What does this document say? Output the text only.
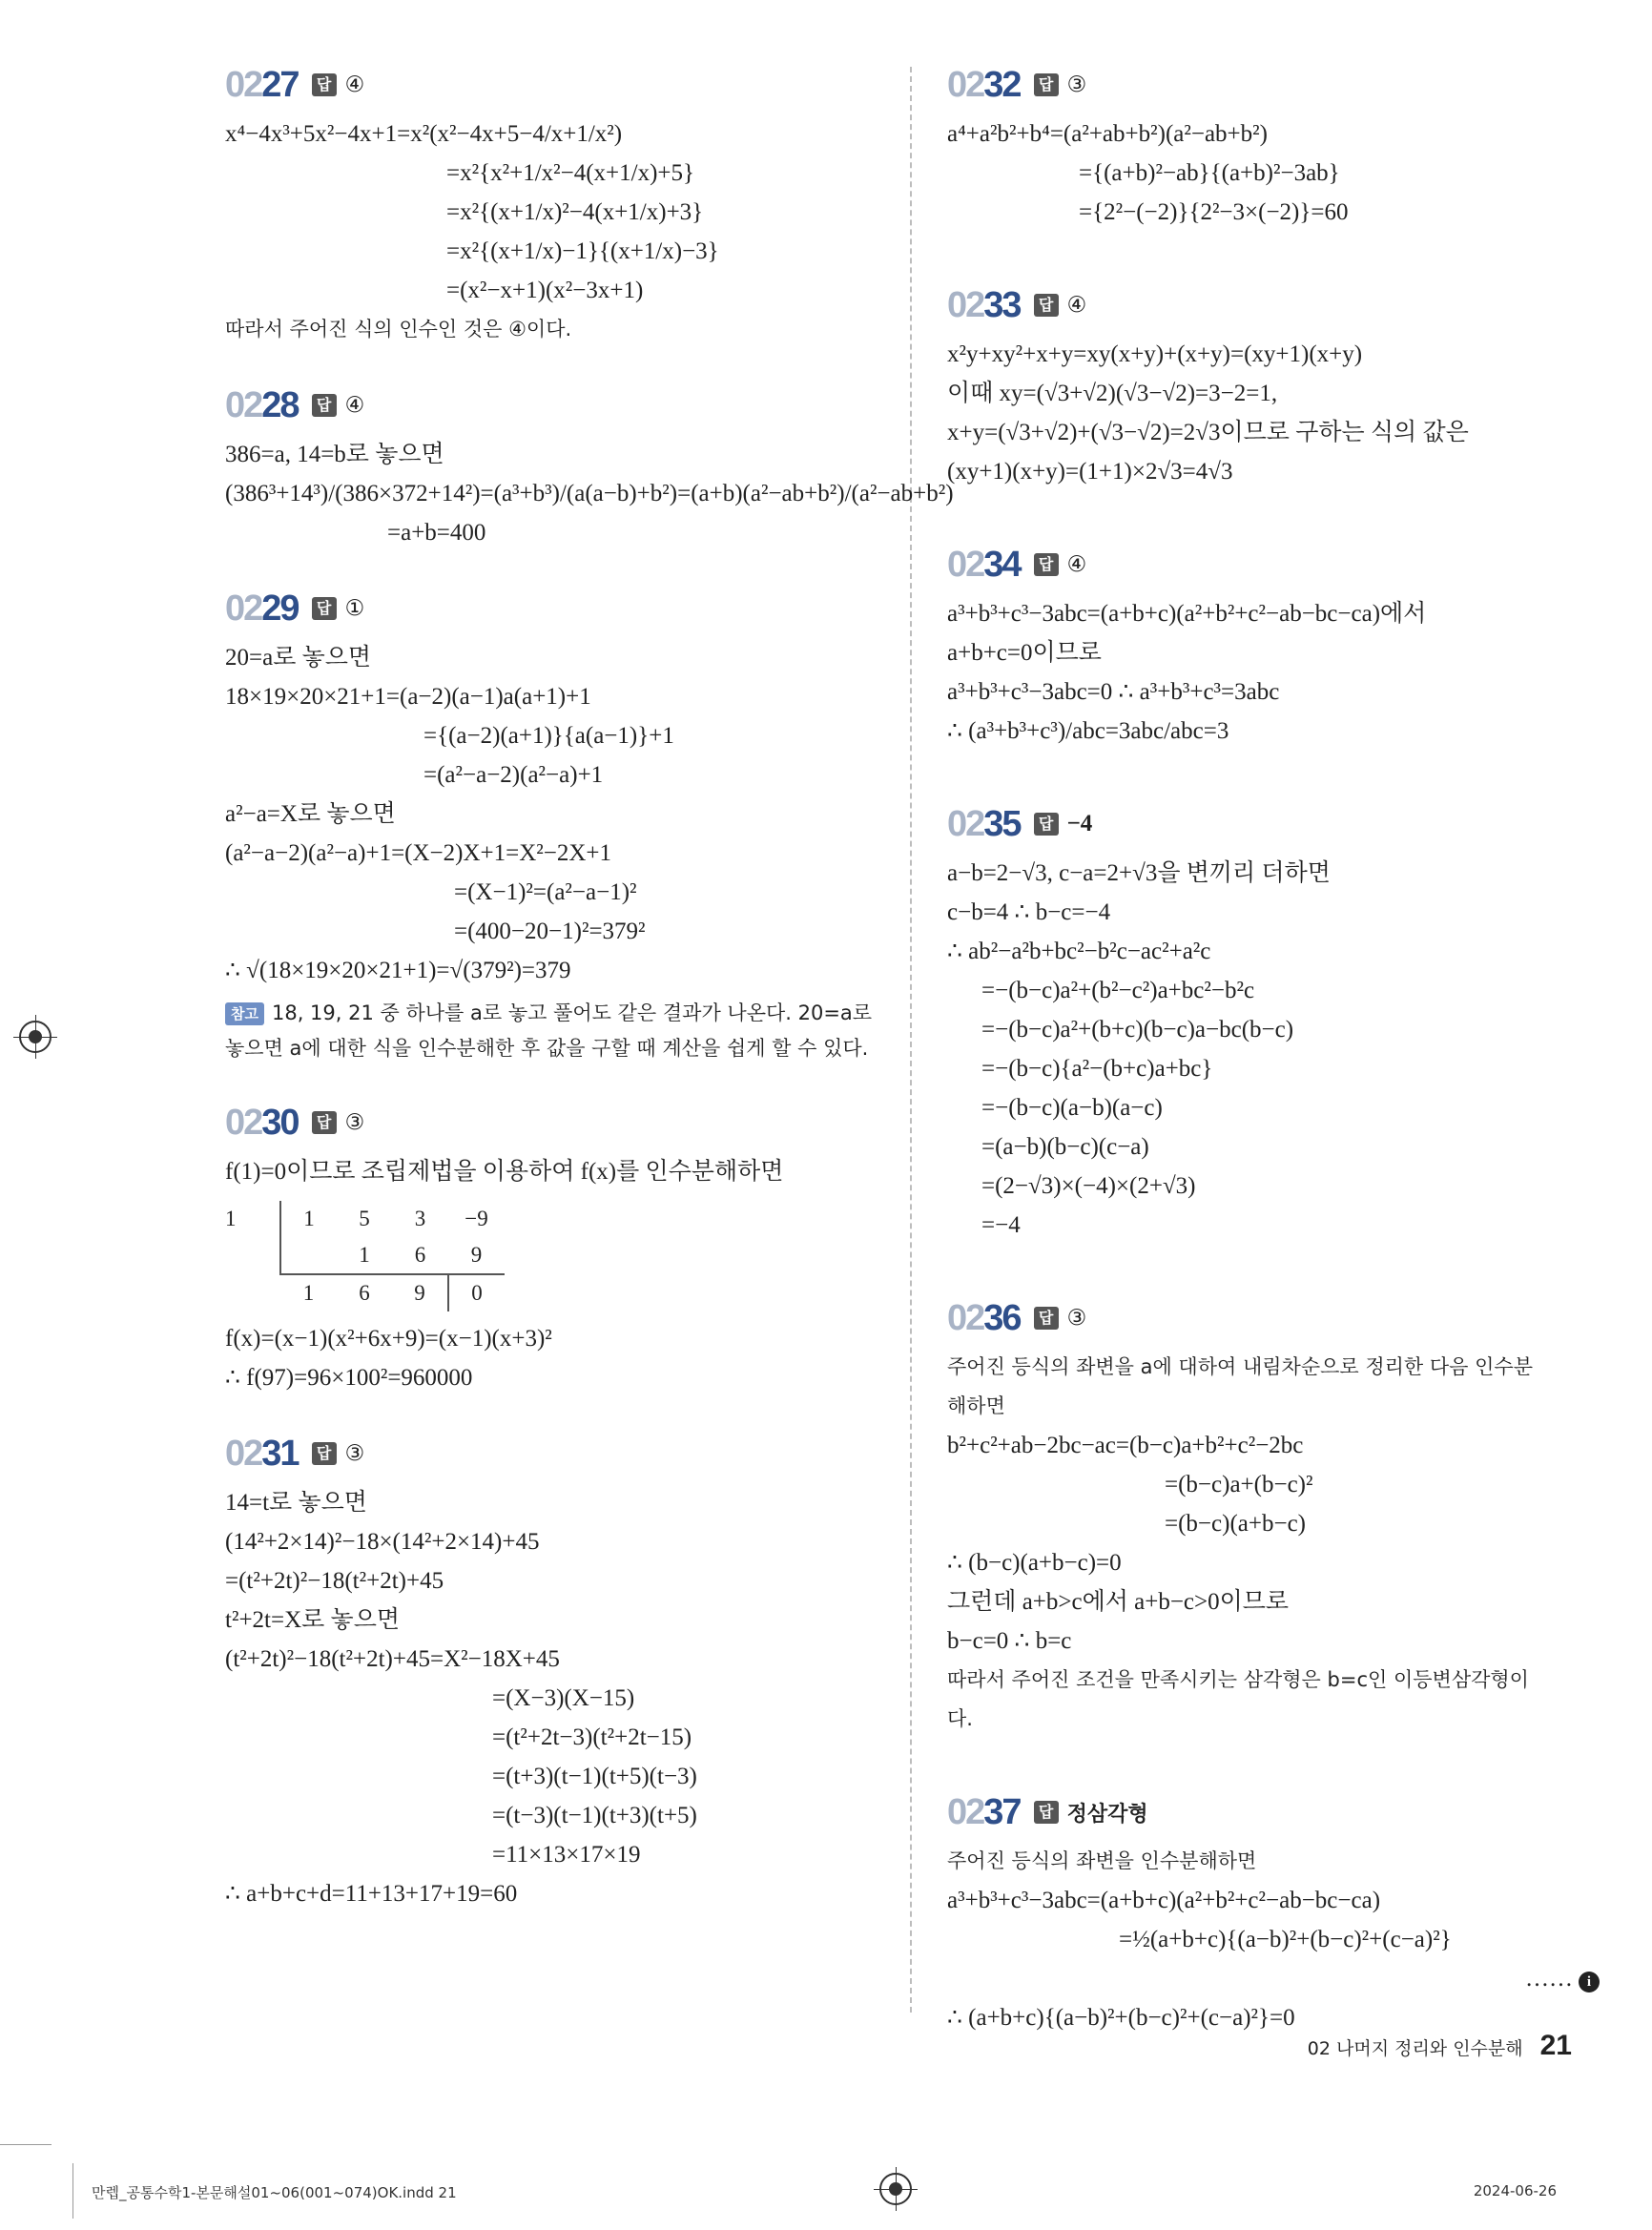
0227	답 ④
x⁴−4x³+5x²−4x+1=x²(x²−4x+5−4/x+1/x²)
=x²{x²+1/x²−4(x+1/x)+5}
=x²{(x+1/x)²−4(x+1/x)+3}
=x²{(x+1/x)−1}{(x+1/x)−3}
=(x²−x+1)(x²−3x+1)
따라서 주어진 식의 인수인 것은 ④이다.
0228	답 ④
386=a, 14=b로 놓으면
(386³+14³)/(386×372+14²)=(a³+b³)/(a(a−b)+b²)=(a+b)(a²−ab+b²)/(a²−ab+b²)
=a+b=400
0229	답 ①
20=a로 놓으면
18×19×20×21+1=(a−2)(a−1)a(a+1)+1
={(a−2)(a+1)}{a(a−1)}+1
=(a²−a−2)(a²−a)+1
a²−a=X로 놓으면
(a²−a−2)(a²−a)+1=(X−2)X+1=X²−2X+1
=(X−1)²=(a²−a−1)²
=(400−20−1)²=379²
∴ √(18×19×20×21+1)=√(379²)=379
참고 18, 19, 21 중 하나를 a로 놓고 풀어도 같은 결과가 나온다. 20=a로 놓으면 a에 대한 식을 인수분해한 후 값을 구할 때 계산을 쉽게 할 수 있다.
0230	답 ③
f(1)=0이므로 조립제법을 이용하여 f(x)를 인수분해하면
1	1	5	3	−9
		1	6	9
	1	6	9	0
f(x)=(x−1)(x²+6x+9)=(x−1)(x+3)²
∴ f(97)=96×100²=960000
0231	답 ③
14=t로 놓으면
(14²+2×14)²−18×(14²+2×14)+45
=(t²+2t)²−18(t²+2t)+45
t²+2t=X로 놓으면
(t²+2t)²−18(t²+2t)+45=X²−18X+45
=(X−3)(X−15)
=(t²+2t−3)(t²+2t−15)
=(t+3)(t−1)(t+5)(t−3)
=(t−3)(t−1)(t+3)(t+5)
=11×13×17×19
∴ a+b+c+d=11+13+17+19=60
0232	답 ③
a⁴+a²b²+b⁴=(a²+ab+b²)(a²−ab+b²)
={(a+b)²−ab}{(a+b)²−3ab}
={2²−(−2)}{2²−3×(−2)}=60
0233	답 ④
x²y+xy²+x+y=xy(x+y)+(x+y)=(xy+1)(x+y)
이때 xy=(√3+√2)(√3−√2)=3−2=1,
x+y=(√3+√2)+(√3−√2)=2√3이므로 구하는 식의 값은
(xy+1)(x+y)=(1+1)×2√3=4√3
0234	답 ④
a³+b³+c³−3abc=(a+b+c)(a²+b²+c²−ab−bc−ca)에서
a+b+c=0이므로
a³+b³+c³−3abc=0 ∴ a³+b³+c³=3abc
∴ (a³+b³+c³)/abc=3abc/abc=3
0235	답 −4
a−b=2−√3, c−a=2+√3을 변끼리 더하면
c−b=4 ∴ b−c=−4
∴ ab²−a²b+bc²−b²c−ac²+a²c
=−(b−c)a²+(b²−c²)a+bc²−b²c
=−(b−c)a²+(b+c)(b−c)a−bc(b−c)
=−(b−c){a²−(b+c)a+bc}
=−(b−c)(a−b)(a−c)
=(a−b)(b−c)(c−a)
=(2−√3)×(−4)×(2+√3)
=−4
0236	답 ③
주어진 등식의 좌변을 a에 대하여 내림차순으로 정리한 다음 인수분
해하면
b²+c²+ab−2bc−ac=(b−c)a+b²+c²−2bc
=(b−c)a+(b−c)²
=(b−c)(a+b−c)
∴ (b−c)(a+b−c)=0
그런데 a+b>c에서 a+b−c>0이므로
b−c=0 ∴ b=c
따라서 주어진 조건을 만족시키는 삼각형은 b=c인 이등변삼각형이
다.
0237	답 정삼각형
주어진 등식의 좌변을 인수분해하면
a³+b³+c³−3abc=(a+b+c)(a²+b²+c²−ab−bc−ca)
=½(a+b+c){(a−b)²+(b−c)²+(c−a)²}
…… i
∴ (a+b+c){(a−b)²+(b−c)²+(c−a)²}=0
02 나머지 정리와 인수분해 21
만렙_공통수학1-본문해설01~06(001~074)OK.indd 21	2024-06-26
